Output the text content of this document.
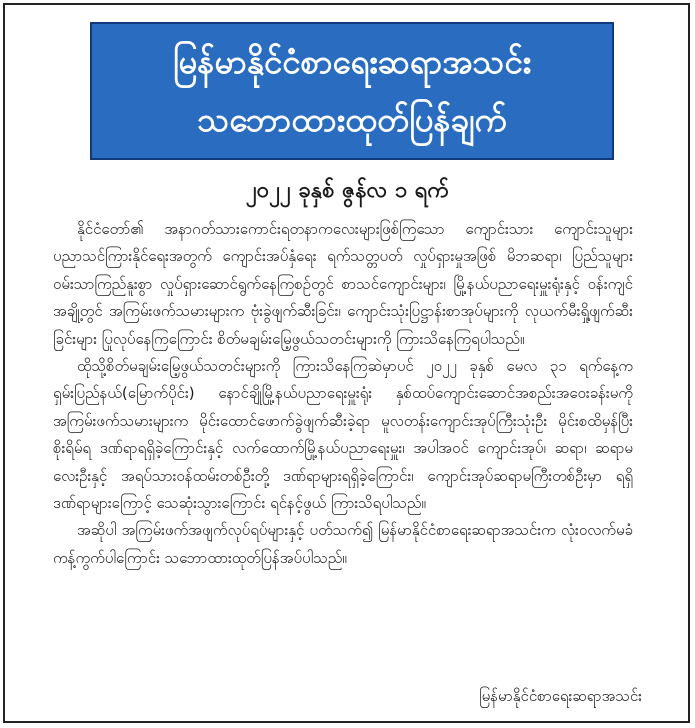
မြန်မာနိုင်ငံစာရေးဆရာအသင်း
သဘောထားထုတ်ပြန်ချက်
၂၀၂၂ ခုနှစ် ဇွန်လ ၁ ရက်

နိုင်ငံတော်၏ အနာဂတ်သားကောင်းရတနာကလေးများဖြစ်ကြသော ကျောင်းသား ကျောင်းသူများ ပညာသင်ကြားနိုင်ရေးအတွက် ကျောင်းအပ်နှံရေး ရက်သတ္တပတ် လှုပ်ရှားမှုအဖြစ် မိဘဆရာ၊ ပြည်သူများ ဝမ်းသာကြည်နူးစွာ လှုပ်ရှားဆောင်ရွက်နေကြစဉ်တွင် စာသင်ကျောင်းများ၊ မြို့နယ်ပညာရေးမှူးရုံးနှင့် ဝန်းကျင်အချို့တွင် အကြမ်းဖက်သမားများက ဗုံးခွဲဖျက်ဆီးခြင်း၊ ကျောင်းသုံးပြဋ္ဌာန်းစာအုပ်များကို လုယက်မီးရှို့ဖျက်ဆီးခြင်းများ ပြုလုပ်နေကြကြောင်း စိတ်မချမ်းမြေ့ဖွယ်သတင်းများကို ကြားသိနေကြရပါသည်။

ထိုသို့စိတ်မချမ်းမြေ့ဖွယ်သတင်းများကို ကြားသိနေကြဆဲမှာပင် ၂၀၂၂ ခုနှစ် မေလ ၃၁ ရက်နေ့က ရှမ်းပြည်နယ်(မြောက်ပိုင်း) နောင်ချိုမြို့နယ်ပညာရေးမှူးရုံး နှစ်ထပ်ကျောင်းဆောင်အစည်းအဝေးခန်းမကို အကြမ်းဖက်သမားများက မိုင်းထောင်ဖောက်ခွဲဖျက်ဆီးခဲ့ရာ မူလတန်းကျောင်းအုပ်ကြီးသုံးဦး မိုင်းစထိမှန်ပြီး စိုးရိမ်ရ ဒဏ်ရာရရှိခဲ့ကြောင်းနှင့် လက်ထောက်မြို့နယ်ပညာရေးမှူး၊ အပါအဝင် ကျောင်းအုပ်၊ ဆရာ၊ ဆရာမ လေးဦးနှင့် အရပ်သားဝန်ထမ်းတစ်ဦးတို့ ဒဏ်ရာများရရှိခဲ့ကြောင်း၊ ကျောင်းအုပ်ဆရာမကြီးတစ်ဦးမှာ ရရှိဒဏ်ရာများကြောင့် သေဆုံးသွားကြောင်း ရင်နင့်ဖွယ် ကြားသိရပါသည်။

အဆိုပါ အကြမ်းဖက်အဖျက်လုပ်ရပ်များနှင့် ပတ်သက်၍ မြန်မာနိုင်ငံစာရေးဆရာအသင်းက လုံးဝလက်မခံ ကန့်ကွက်ပါကြောင်း သဘောထားထုတ်ပြန်အပ်ပါသည်။

မြန်မာနိုင်ငံစာရေးဆရာအသင်း
